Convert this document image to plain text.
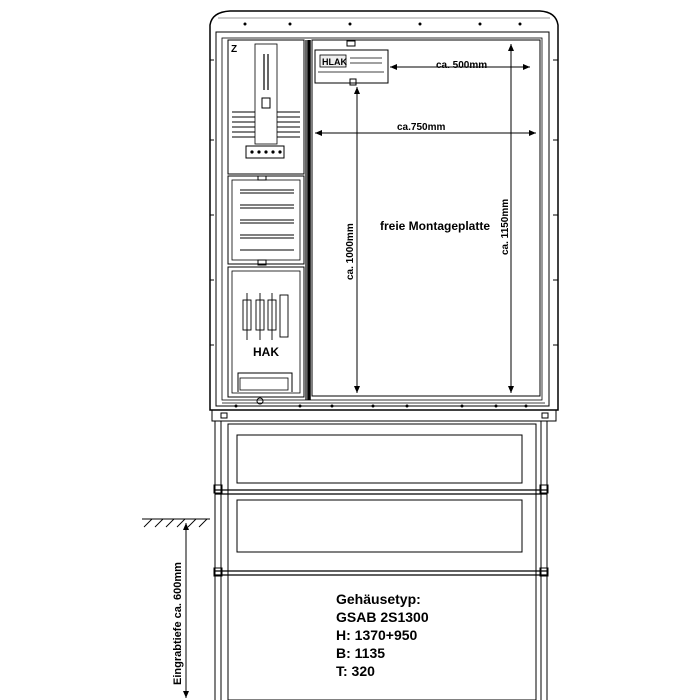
Z
HLAK	ca. 500mm
ca.750mm
freie Montageplatte
HAK
ca. 1000mm	ca. 1150mm
Eingrabtiefe ca. 600mm	Gehäusetyp:
GSAB 2S1300
H: 1370+950
B: 1135
T: 320
